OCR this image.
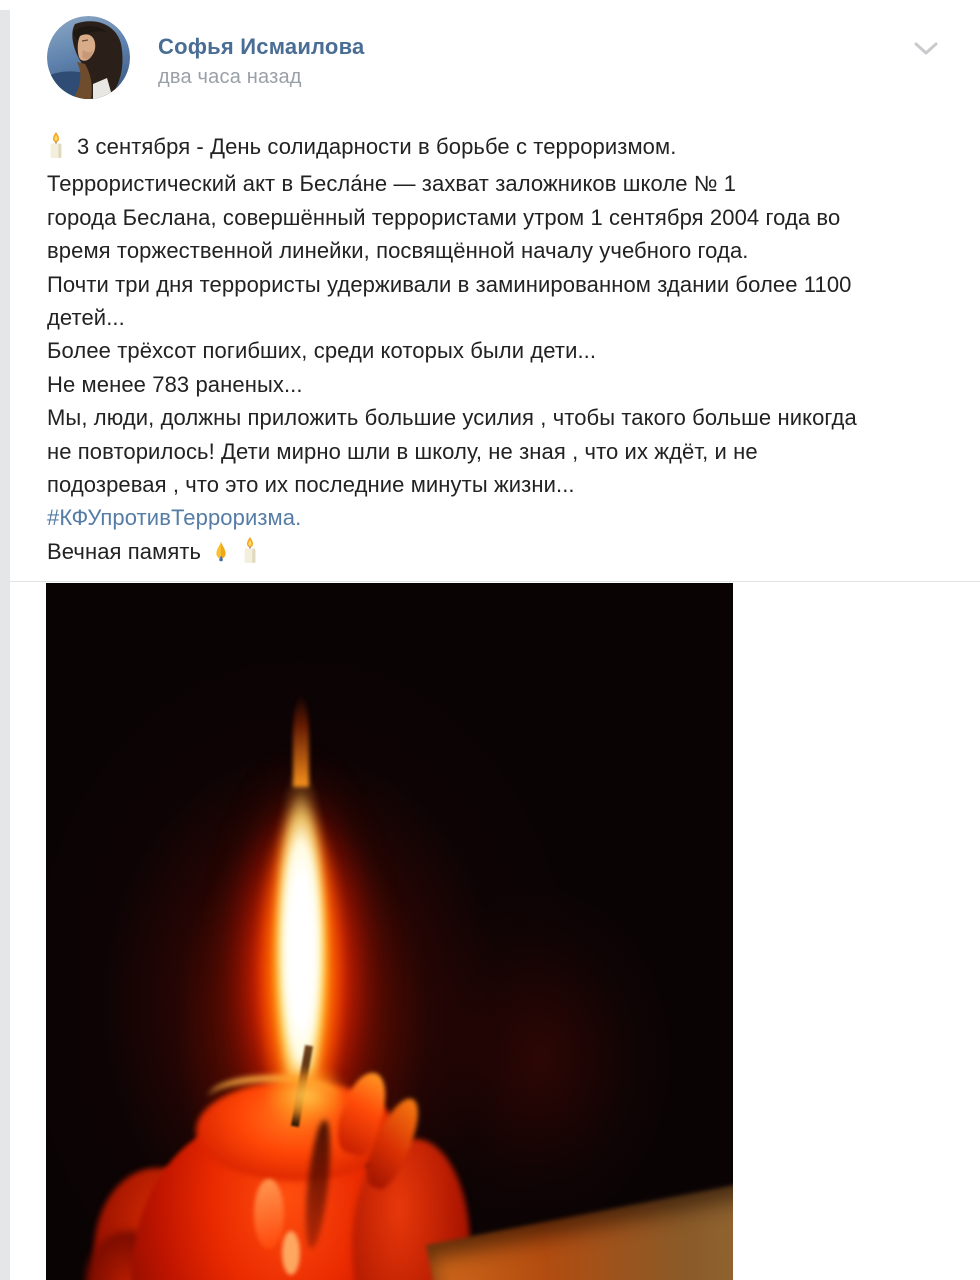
Софья Исмаилова
два часа назад
3 сентября - День солидарности в борьбе с терроризмом.
Террористический акт в Бесла́не — захват заложников школе № 1
города Беслана, совершённый террористами утром 1 сентября 2004 года во
время торжественной линейки, посвящённой началу учебного года.
Почти три дня террористы удерживали в заминированном здании более 1100
детей...
Более трёхсот погибших, среди которых были дети...
Не менее 783 раненых...
Мы, люди, должны приложить большие усилия , чтобы такого больше никогда
не повторилось! Дети мирно шли в школу, не зная , что их ждёт, и не
подозревая , что это их последние минуты жизни...
#КФУпротивТерроризма.
Вечная память
